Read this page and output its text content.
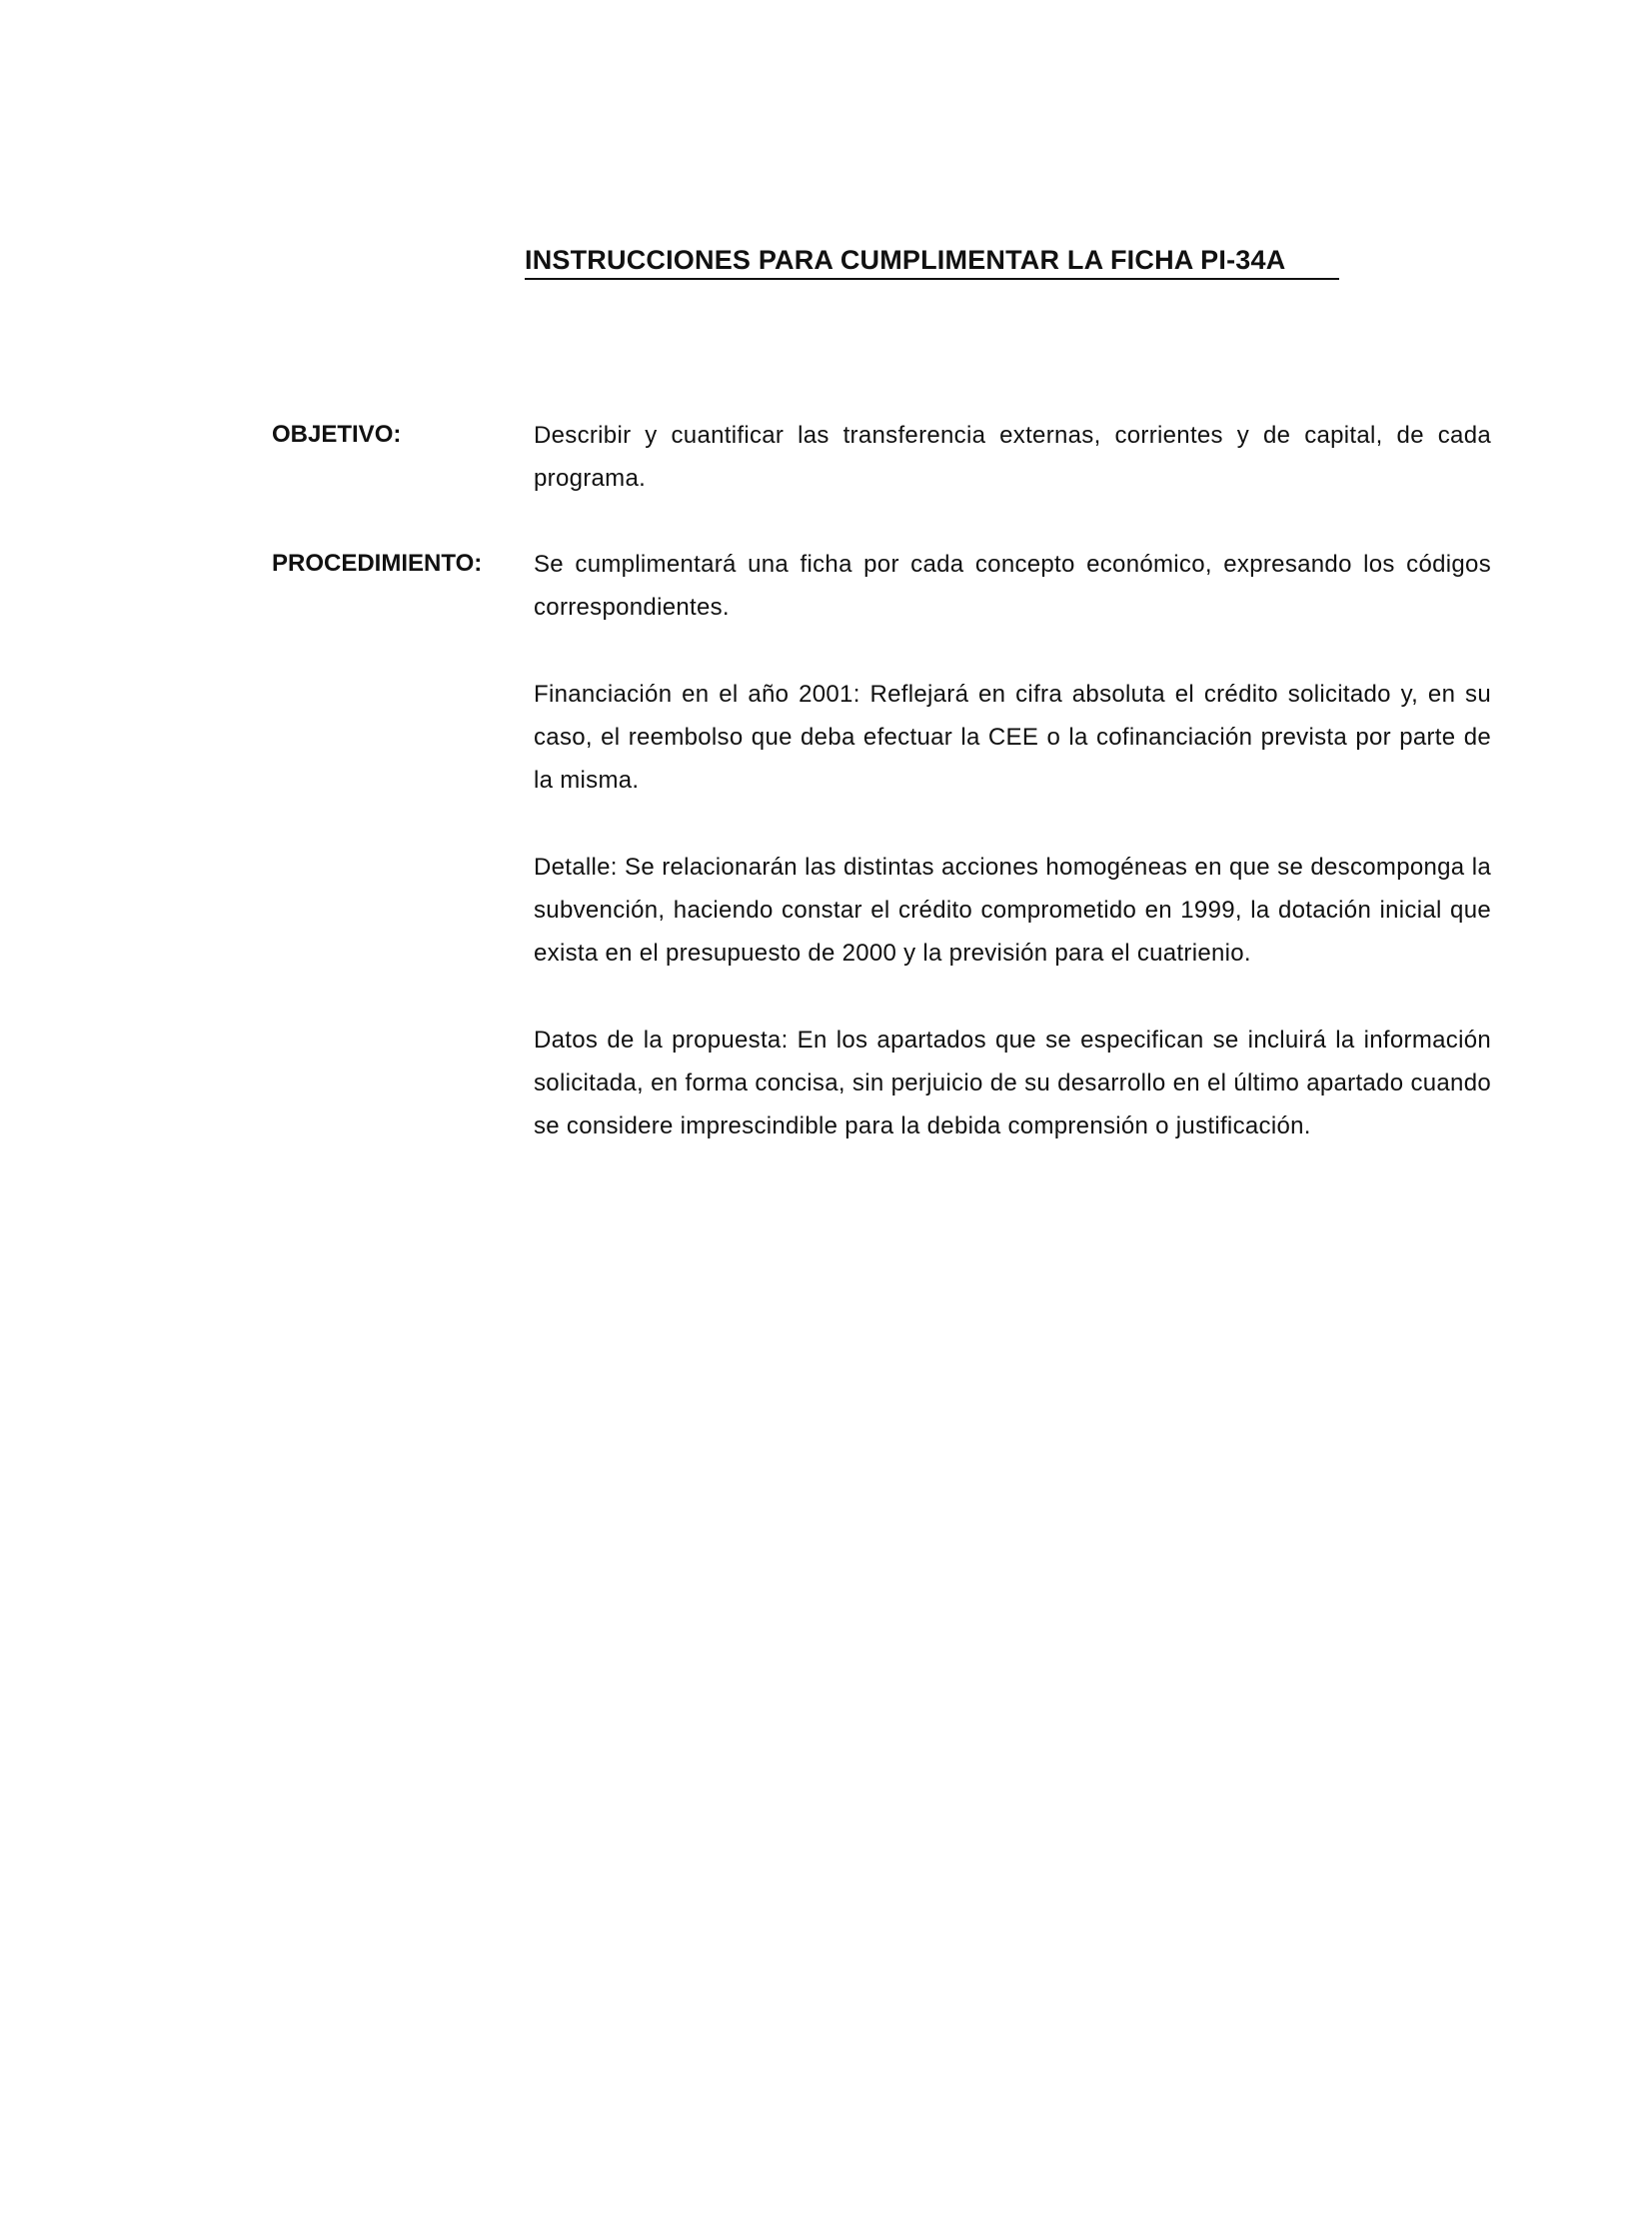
INSTRUCCIONES PARA CUMPLIMENTAR LA FICHA PI-34A
OBJETIVO:	Describir y cuantificar las transferencia externas, corrientes y de capital, de cada programa.

PROCEDIMIENTO: Se cumplimentará una ficha por cada concepto económico, expresando los códigos correspondientes.

Financiación en el año 2001: Reflejará en cifra absoluta el crédito solicitado y, en su caso, el reembolso que deba efectuar la CEE o la cofinanciación prevista por parte de la misma.

Detalle: Se relacionarán las distintas acciones homogéneas en que se descomponga la subvención, haciendo constar el crédito comprometido en 1999, la dotación inicial que exista en el presupuesto de 2000 y la previsión para el cuatrienio.

Datos de la propuesta: En los apartados que se especifican se incluirá la información solicitada, en forma concisa, sin perjuicio de su desarrollo en el último apartado cuando se considere imprescindible para la debida comprensión o justificación.
